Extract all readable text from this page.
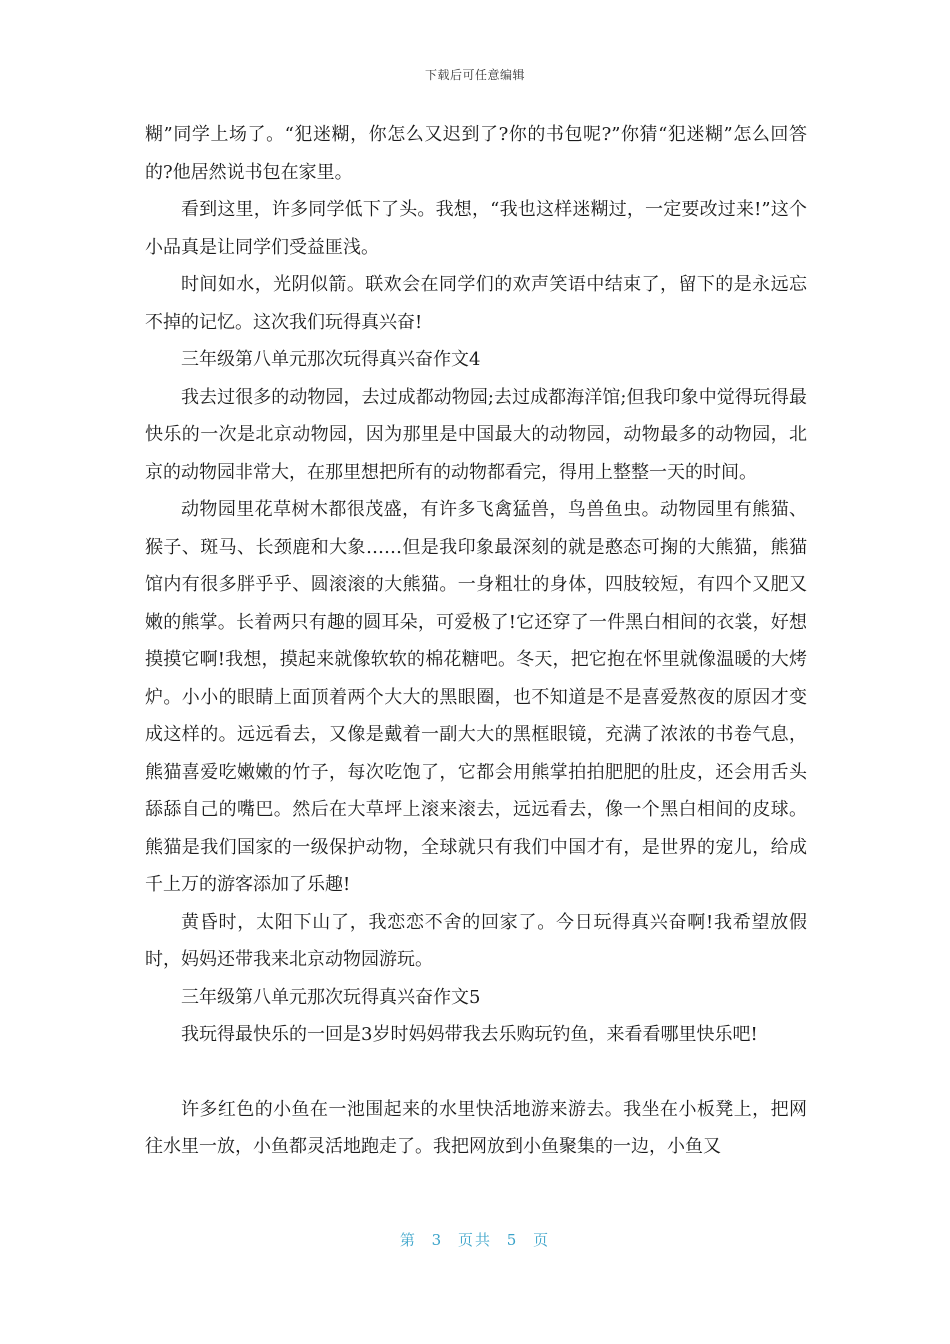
下载后可任意编辑

糊”同学上场了。“犯迷糊，你怎么又迟到了?你的书包呢?”你猜“犯迷糊”怎么回答的?他居然说书包在家里。

看到这里，许多同学低下了头。我想，“我也这样迷糊过，一定要改过来!”这个小品真是让同学们受益匪浅。

时间如水，光阴似箭。联欢会在同学们的欢声笑语中结束了，留下的是永远忘不掉的记忆。这次我们玩得真兴奋!

三年级第八单元那次玩得真兴奋作文4

我去过很多的动物园，去过成都动物园;去过成都海洋馆;但我印象中觉得玩得最快乐的一次是北京动物园，因为那里是中国最大的动物园，动物最多的动物园，北京的动物园非常大，在那里想把所有的动物都看完，得用上整整一天的时间。

动物园里花草树木都很茂盛，有许多飞禽猛兽，鸟兽鱼虫。动物园里有熊猫、猴子、斑马、长颈鹿和大象……但是我印象最深刻的就是憨态可掬的大熊猫，熊猫馆内有很多胖乎乎、圆滚滚的大熊猫。一身粗壮的身体，四肢较短，有四个又肥又嫩的熊掌。长着两只有趣的圆耳朵，可爱极了!它还穿了一件黑白相间的衣裳，好想摸摸它啊!我想，摸起来就像软软的棉花糖吧。冬天，把它抱在怀里就像温暖的大烤炉。小小的眼睛上面顶着两个大大的黑眼圈，也不知道是不是喜爱熬夜的原因才变成这样的。远远看去，又像是戴着一副大大的黑框眼镜，充满了浓浓的书卷气息，熊猫喜爱吃嫩嫩的竹子，每次吃饱了，它都会用熊掌拍拍肥肥的肚皮，还会用舌头舔舔自己的嘴巴。然后在大草坪上滚来滚去，远远看去，像一个黑白相间的皮球。熊猫是我们国家的一级保护动物，全球就只有我们中国才有，是世界的宠儿，给成千上万的游客添加了乐趣!

黄昏时，太阳下山了，我恋恋不舍的回家了。今日玩得真兴奋啊!我希望放假时，妈妈还带我来北京动物园游玩。

三年级第八单元那次玩得真兴奋作文5

我玩得最快乐的一回是3岁时妈妈带我去乐购玩钓鱼，来看看哪里快乐吧!

许多红色的小鱼在一池围起来的水里快活地游来游去。我坐在小板凳上，把网往水里一放，小鱼都灵活地跑走了。我把网放到小鱼聚集的一边，小鱼又

第 3 页共 5 页
